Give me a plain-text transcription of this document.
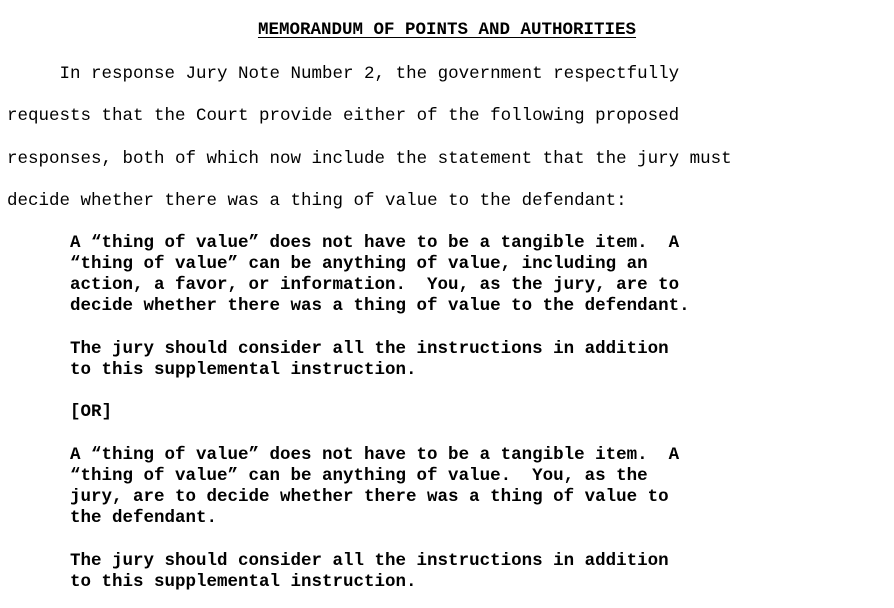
MEMORANDUM OF POINTS AND AUTHORITIES
In response Jury Note Number 2, the government respectfully
requests that the Court provide either of the following proposed
responses, both of which now include the statement that the jury must
decide whether there was a thing of value to the defendant:
A “thing of value” does not have to be a tangible item.  A
“thing of value” can be anything of value, including an
action, a favor, or information.  You, as the jury, are to
decide whether there was a thing of value to the defendant.
The jury should consider all the instructions in addition
to this supplemental instruction.
[OR]
A “thing of value” does not have to be a tangible item.  A
“thing of value” can be anything of value.  You, as the
jury, are to decide whether there was a thing of value to
the defendant.
The jury should consider all the instructions in addition
to this supplemental instruction.
